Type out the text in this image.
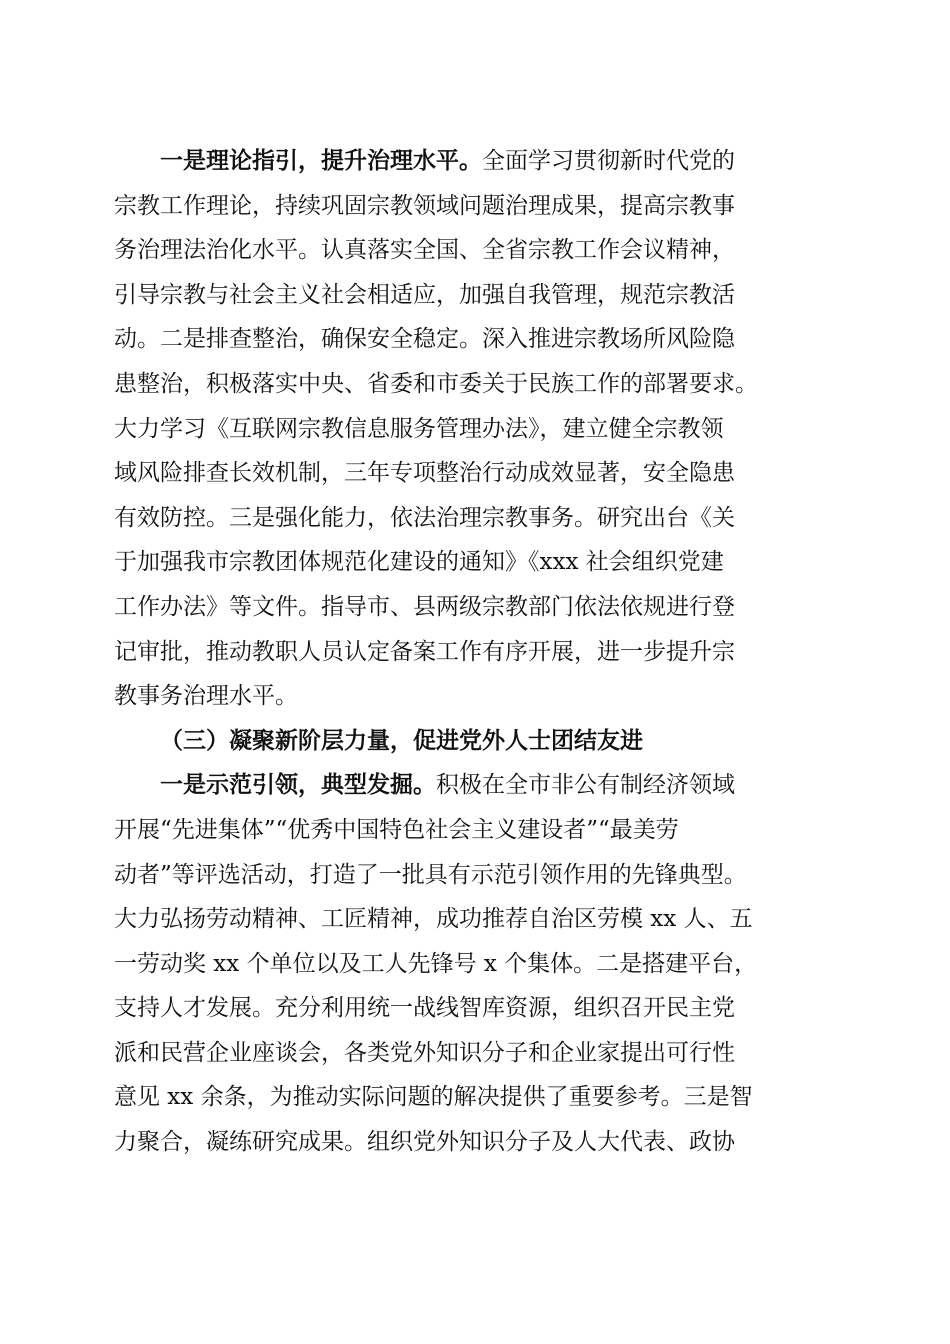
一是理论指引，提升治理水平。全面学习贯彻新时代党的
宗教工作理论，持续巩固宗教领域问题治理成果，提高宗教事
务治理法治化水平。认真落实全国、全省宗教工作会议精神，
引导宗教与社会主义社会相适应，加强自我管理，规范宗教活
动。二是排查整治，确保安全稳定。深入推进宗教场所风险隐
患整治，积极落实中央、省委和市委关于民族工作的部署要求。
大力学习《互联网宗教信息服务管理办法》，建立健全宗教领
域风险排查长效机制，三年专项整治行动成效显著，安全隐患
有效防控。三是强化能力，依法治理宗教事务。研究出台《关
于加强我市宗教团体规范化建设的通知》《xxx 社会组织党建
工作办法》等文件。指导市、县两级宗教部门依法依规进行登
记审批，推动教职人员认定备案工作有序开展，进一步提升宗
教事务治理水平。
（三）凝聚新阶层力量，促进党外人士团结友进
一是示范引领，典型发掘。积极在全市非公有制经济领域
开展“先进集体”“优秀中国特色社会主义建设者”“最美劳
动者”等评选活动，打造了一批具有示范引领作用的先锋典型。
大力弘扬劳动精神、工匠精神，成功推荐自治区劳模 xx 人、五
一劳动奖 xx 个单位以及工人先锋号 x 个集体。二是搭建平台，
支持人才发展。充分利用统一战线智库资源，组织召开民主党
派和民营企业座谈会，各类党外知识分子和企业家提出可行性
意见 xx 余条，为推动实际问题的解决提供了重要参考。三是智
力聚合，凝练研究成果。组织党外知识分子及人大代表、政协
